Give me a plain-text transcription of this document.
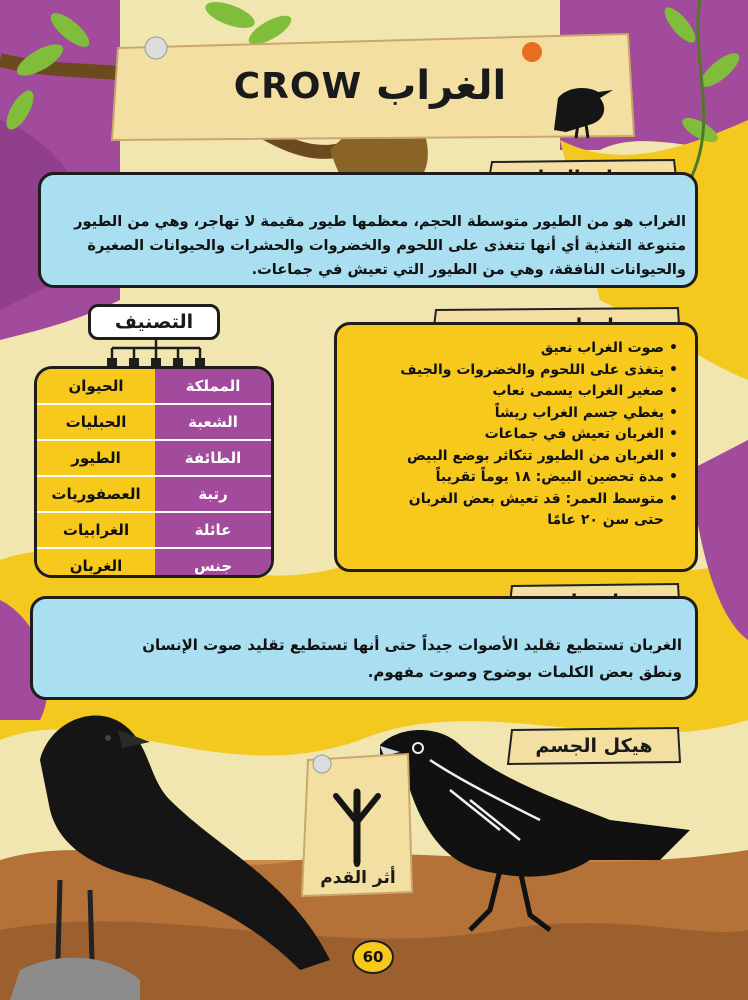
CROW الغراب
الغراب هو من الطيور متوسطة الحجم، معظمها طيور مقيمة لا تهاجر، وهي من الطيور
متنوعة التغذية أي أنها تتغذى على اللحوم والخضروات والحشرات والحيوانات الصغيرة
والحيوانات النافقة، وهي من الطيور التي تعيش في جماعات.
• صوت الغراب نعيق
• يتغذى على اللحوم والخضروات والجيف
• صغير الغراب يسمى نعاب
• يغطي جسم الغراب ريشاً
• الغربان تعيش في جماعات
• الغربان من الطيور تتكاثر بوضع البيض
• مدة تحضين البيض: ١٨ يوماً تقريباً
• متوسط العمر: قد تعيش بعض الغربان
حتى سن ٢٠ عامًا
التصنيف
المملكة
الحيوان
الشعبة
الحبليات
الطائفة
الطيور
رتبة
العصفوريات
عائلة
الغرابيات
جنس
الغربان
الغربان تستطيع تقليد الأصوات جيداً حتى أنها تستطيع تقليد صوت الإنسان
ونطق بعض الكلمات بوضوح وصوت مفهوم.
هيكل الجسم
أثر القدم
60
